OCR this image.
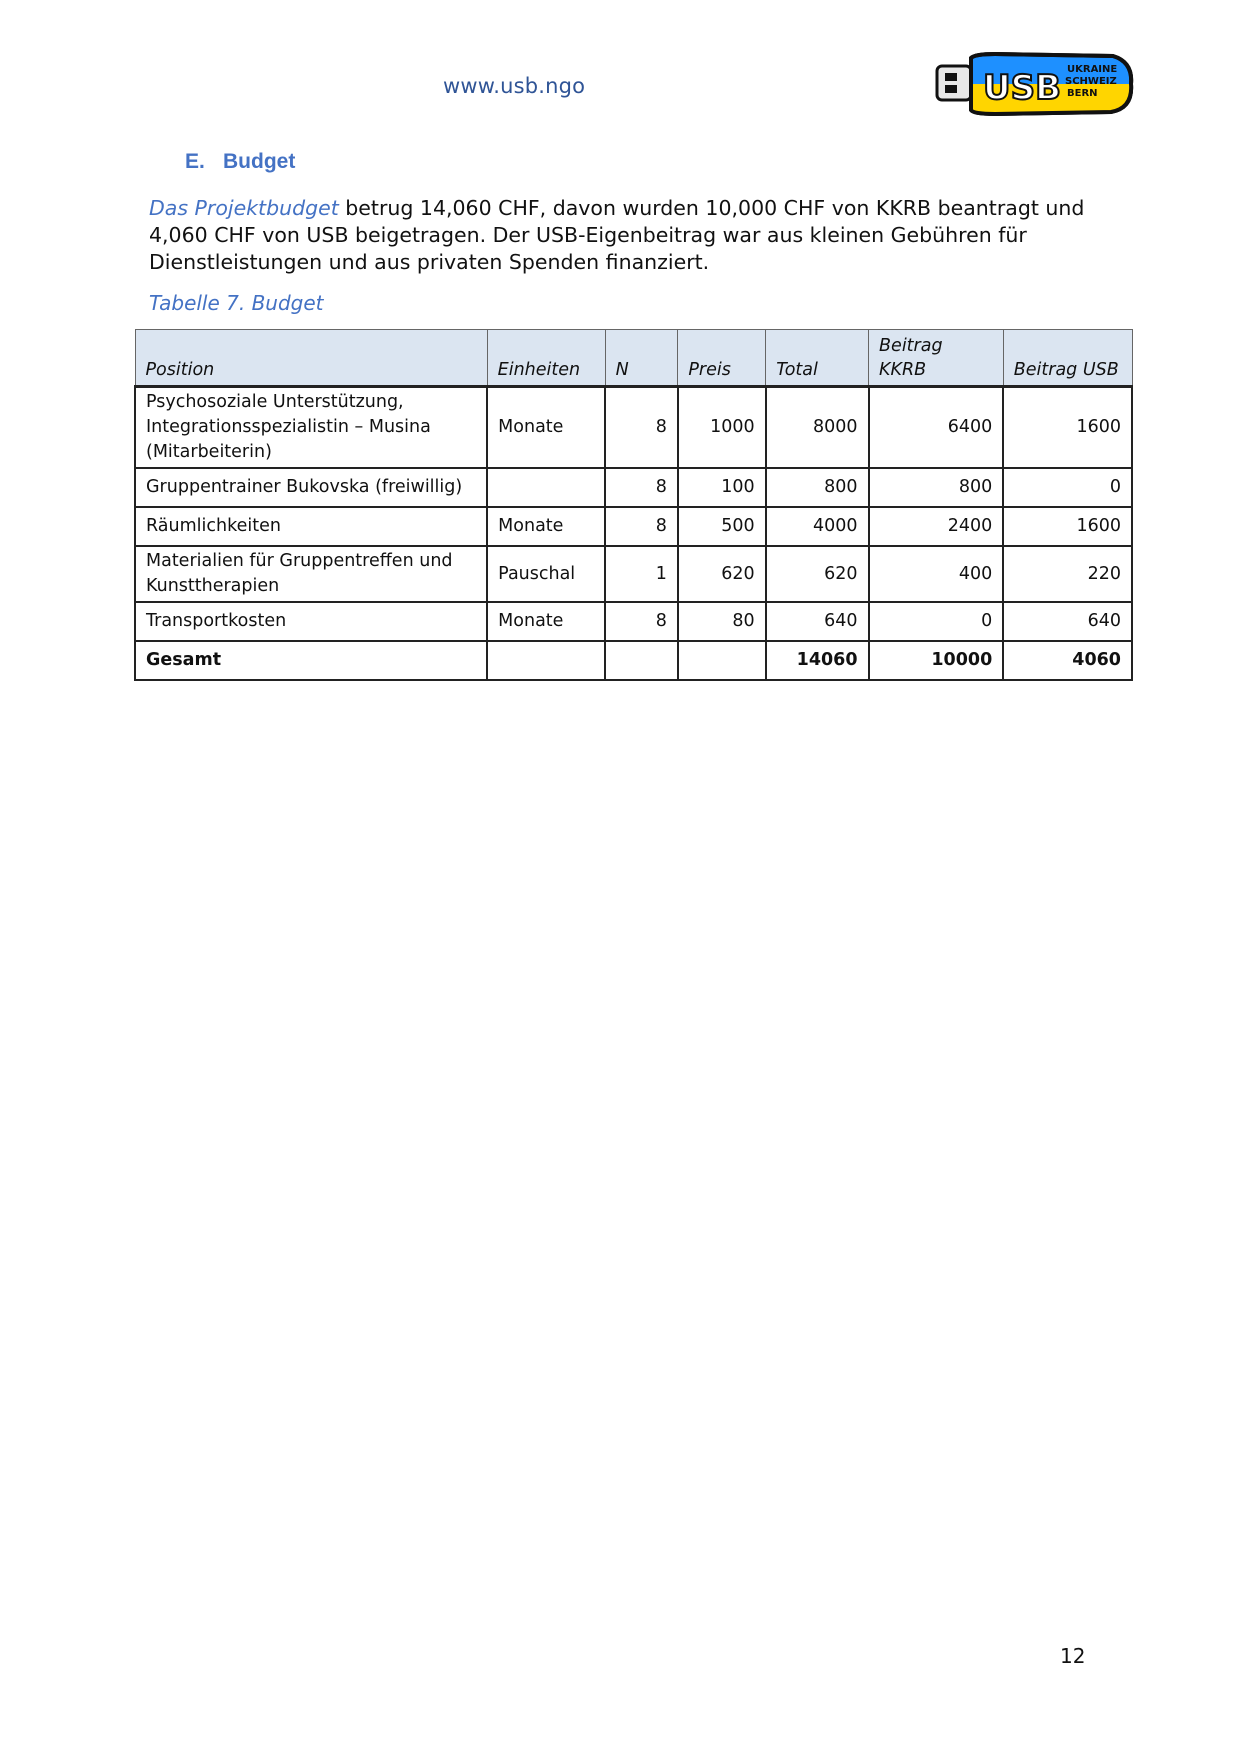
www.usb.ngo	USB UKRAINE
SCHWEIZ
BERN
E. Budget
Das Projektbudget betrug 14,060 CHF, davon wurden 10,000 CHF von KKRB beantragt und 4,060 CHF von USB beigetragen. Der USB-Eigenbeitrag war aus kleinen Gebühren für Dienstleistungen und aus privaten Spenden finanziert.
Tabelle 7. Budget
Position	Einheiten	N	Preis	Total	Beitrag KKRB	Beitrag USB
Psychosoziale Unterstützung, Integrationsspezialistin – Musina (Mitarbeiterin)	Monate	8	1000	8000	6400	1600
Gruppentrainer Bukovska (freiwillig)		8	100	800	800	0
Räumlichkeiten	Monate	8	500	4000	2400	1600
Materialien für Gruppentreffen und Kunsttherapien	Pauschal	1	620	620	400	220
Transportkosten	Monate	8	80	640	0	640
Gesamt				14060	10000	4060
12
